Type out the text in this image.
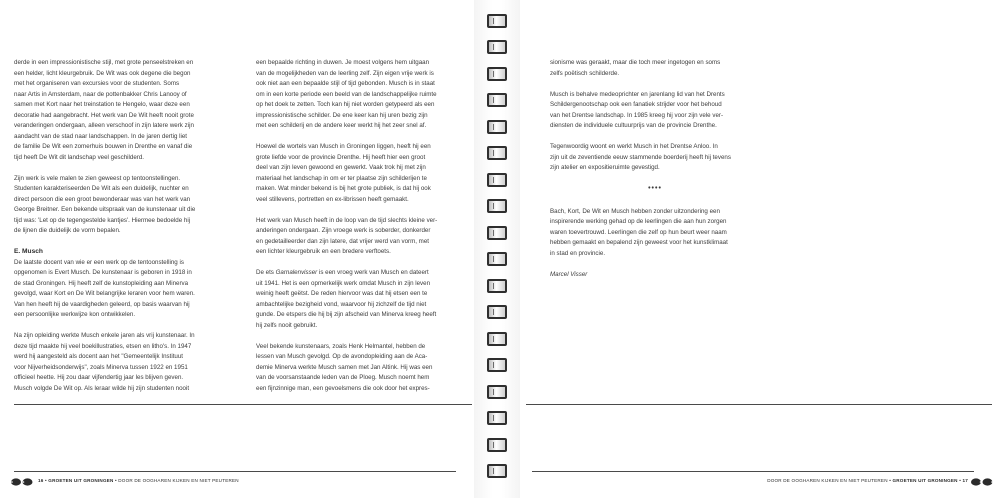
derde in een impressionistische stijl, met grote penseelstreken en
een helder, licht kleurgebruik. De Wit was ook degene die begon
met het organiseren van excursies voor de studenten. Soms
naar Artis in Amsterdam, naar de pottenbakker Chris Lanooy of
samen met Kort naar het treinstation te Hengelo, waar deze een
decoratie had aangebracht. Het werk van De Wit heeft nooit grote
veranderingen ondergaan, alleen verschoof in zijn latere werk zijn
aandacht van de stad naar landschappen. In de jaren dertig liet
de familie De Wit een zomerhuis bouwen in Drenthe en vanaf die
tijd heeft De Wit dit landschap veel geschilderd.

Zijn werk is vele malen te zien geweest op tentoonstellingen.
Studenten karakteriseerden De Wit als een duidelijk, nuchter en
direct persoon die een groot bewonderaar was van het werk van
George Breitner. Een bekende uitspraak van de kunstenaar uit die
tijd was: 'Let op de tegengestelde kantjes'. Hiermee bedoelde hij
de lijnen die duidelijk de vorm bepalen.

E. Musch

De laatste docent van wie er een werk op de tentoonstelling is
opgenomen is Evert Musch. De kunstenaar is geboren in 1918 in
de stad Groningen. Hij heeft zelf de kunstopleiding aan Minerva
gevolgd, waar Kort en De Wit belangrijke leraren voor hem waren.
Van hen heeft hij de vaardigheden geleerd, op basis waarvan hij
een persoonlijke werkwijze kon ontwikkelen.

Na zijn opleiding werkte Musch enkele jaren als vrij kunstenaar. In
deze tijd maakte hij veel boekillustraties, etsen en litho's. In 1947
werd hij aangesteld als docent aan het "Gemeentelijk Instituut
voor Nijverheidsonderwijs", zoals Minerva tussen 1922 en 1951
officieel heette. Hij zou daar vijfendertig jaar les blijven geven.
Musch volgde De Wit op. Als leraar wilde hij zijn studenten nooit

een bepaalde richting in duwen. Je moest volgens hem uitgaan
van de mogelijkheden van de leerling zelf. Zijn eigen vrije werk is
ook niet aan een bepaalde stijl of tijd gebonden. Musch is in staat
om in een korte periode een beeld van de landschappelijke ruimte
op het doek te zetten. Toch kan hij niet worden getypeerd als een
impressionistische schilder. De ene keer kan hij uren bezig zijn
met een schilderij en de andere keer werkt hij het zeer snel af.

Hoewel de wortels van Musch in Groningen liggen, heeft hij een
grote liefde voor de provincie Drenthe. Hij heeft hier een groot
deel van zijn leven gewoond en gewerkt. Vaak trok hij met zijn
materiaal het landschap in om er ter plaatse zijn schilderijen te
maken. Wat minder bekend is bij het grote publiek, is dat hij ook
veel stillevens, portretten en ex-librissen heeft gemaakt.

Het werk van Musch heeft in de loop van de tijd slechts kleine ver-
anderingen ondergaan. Zijn vroege werk is soberder, donkerder
en gedetailleerder dan zijn latere, dat vrijer werd van vorm, met
een lichter kleurgebruik en een bredere verftoets.

De ets Garnalenvisser is een vroeg werk van Musch en dateert
uit 1941. Het is een opmerkelijk werk omdat Musch in zijn leven
weinig heeft geëtst. De reden hiervoor was dat hij etsen een te
ambachtelijke bezigheid vond, waarvoor hij zichzelf de tijd niet
gunde. De etspers die hij bij zijn afscheid van Minerva kreeg heeft
hij zelfs nooit gebruikt.

Veel bekende kunstenaars, zoals Henk Helmantel, hebben de
lessen van Musch gevolgd. Op de avondopleiding aan de Aca-
demie Minerva werkte Musch samen met Jan Altink. Hij was een
van de voorsanstaande leden van de Ploeg. Musch noemt hem
een fijnzinnige man, een gevoelsmens die ook door het expres-

16 • GROETEN UIT GRONINGEN • DOOR DE OOGHAREN KIJKEN EN NIET PEUTEREN

sionisme was geraakt, maar die toch meer ingetogen en soms
zelfs poëtisch schilderde.

Musch is behalve medeoprichter en jarenlang lid van het Drents
Schildergenootschap ook een fanatiek strijder voor het behoud
van het Drentse landschap. In 1985 kreeg hij voor zijn vele ver-
diensten de individuele cultuurprijs van de provincie Drenthe.

Tegenwoordig woont en werkt Musch in het Drentse Anloo. In
zijn uit de zeventiende eeuw stammende boerderij heeft hij tevens
zijn atelier en expositieruimte gevestigd.

••••

Bach, Kort, De Wit en Musch hebben zonder uitzondering een
inspirerende werking gehad op de leerlingen die aan hun zorgen
waren toevertrouwd. Leerlingen die zelf op hun beurt weer naam
hebben gemaakt en bepalend zijn geweest voor het kunstklimaat
in stad en provincie.

Marcel Visser

DOOR DE OOGHAREN KIJKEN EN NIET PEUTEREN • GROETEN UIT GRONINGEN • 17
